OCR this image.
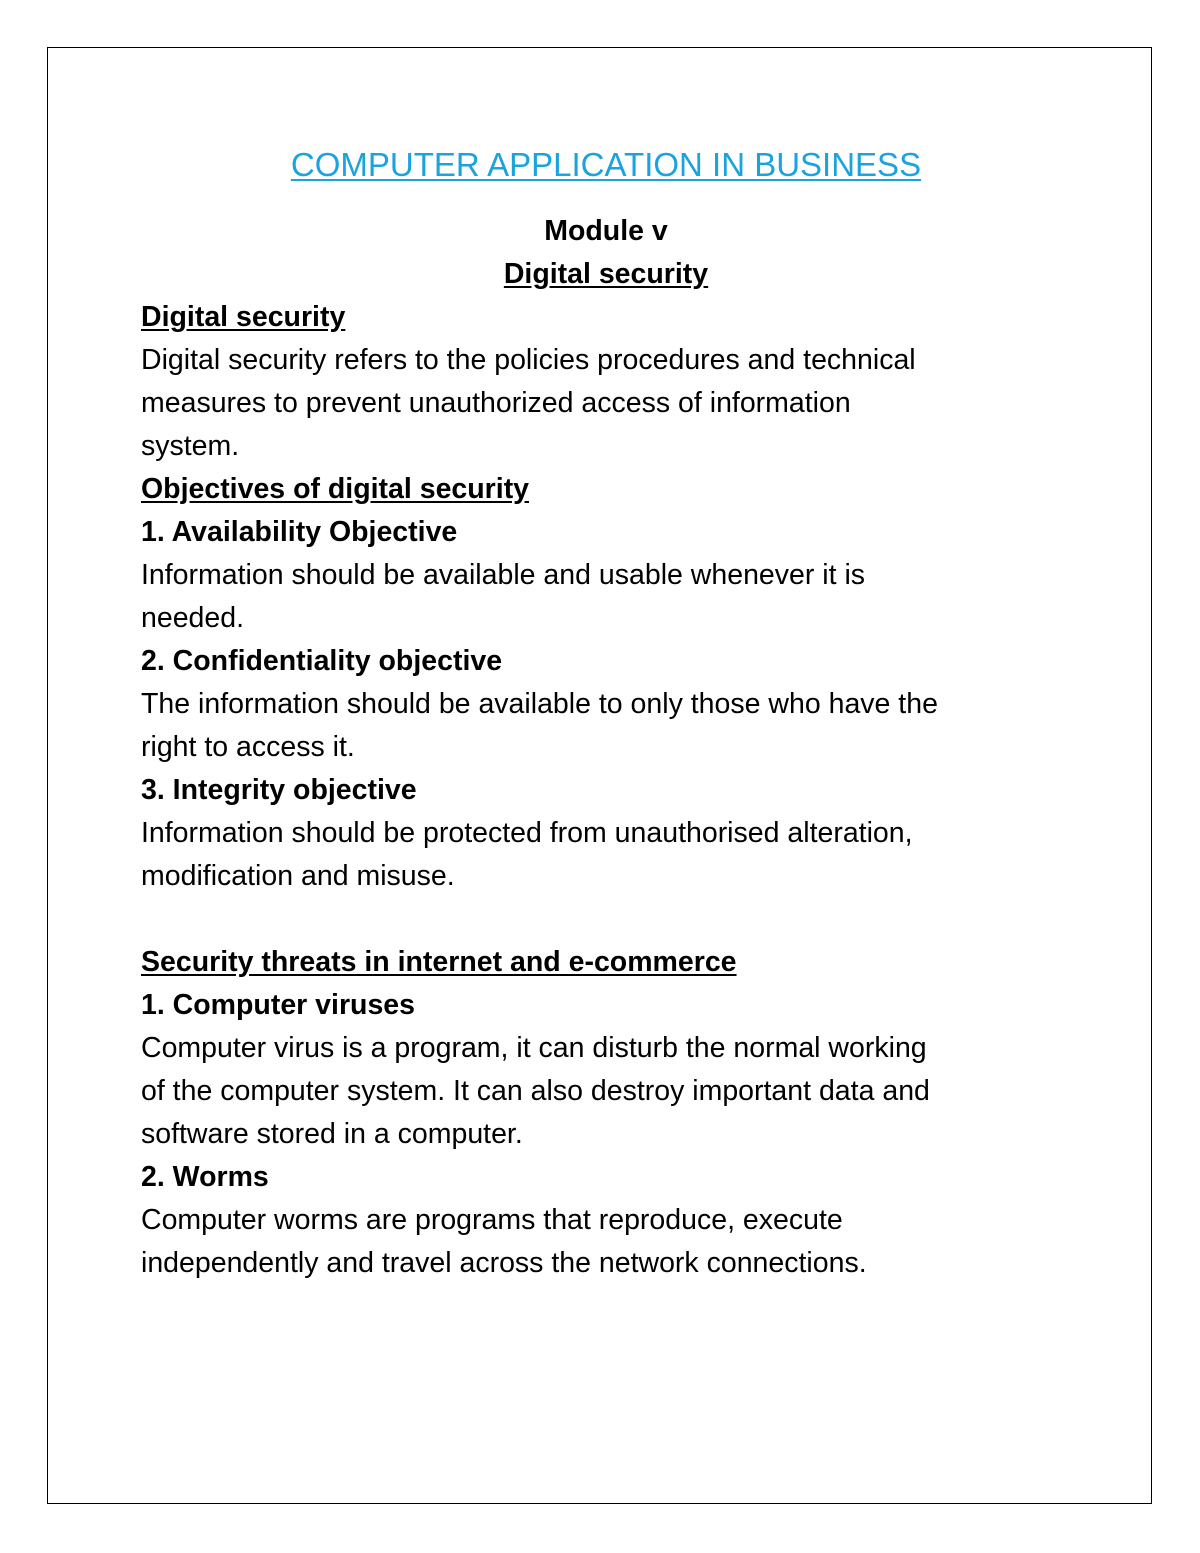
COMPUTER APPLICATION IN BUSINESS

Module v

Digital security

Digital security

Digital security refers to the policies procedures and technical

measures to prevent unauthorized access of information

system.

Objectives of digital security

1. Availability Objective

Information should be available and usable whenever it is

needed.

2. Confidentiality objective

The information should be available to only those who have the

right to access it.

3. Integrity objective

Information should be protected from unauthorised alteration,

modification and misuse.

Security threats in internet and e-commerce

1. Computer viruses

Computer virus is a program, it can disturb the normal working

of the computer system. It can also destroy important data and

software stored in a computer.

2. Worms

Computer worms are programs that reproduce, execute

independently and travel across the network connections.
